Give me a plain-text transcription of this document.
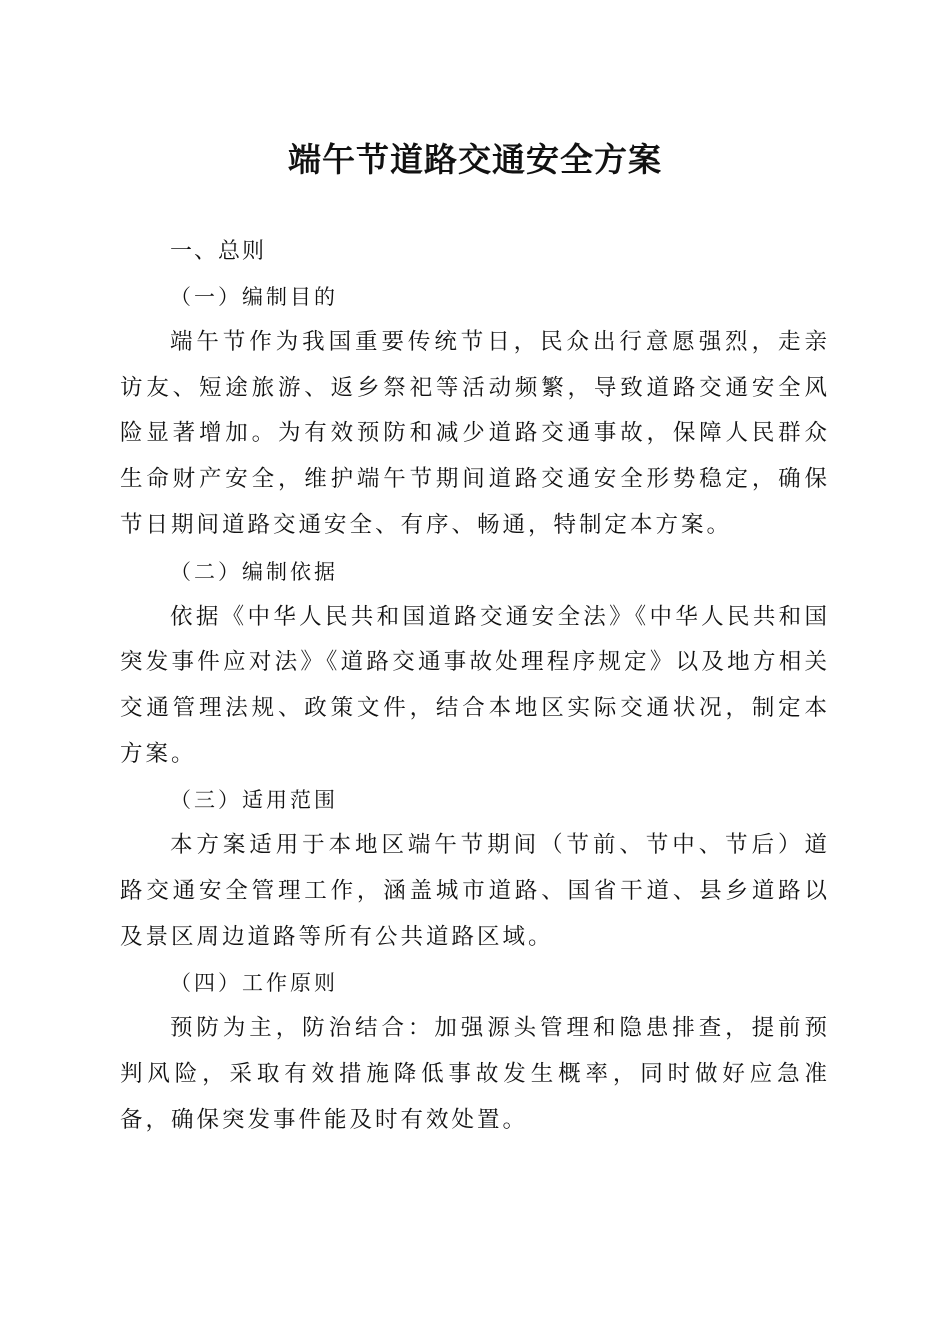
端午节道路交通安全方案
一、总则
（一）编制目的

端午节作为我国重要传统节日，民众出行意愿强烈，走亲访友、短途旅游、返乡祭祀等活动频繁，导致道路交通安全风险显著增加。为有效预防和减少道路交通事故，保障人民群众生命财产安全，维护端午节期间道路交通安全形势稳定，确保节日期间道路交通安全、有序、畅通，特制定本方案。

（二）编制依据

依据《中华人民共和国道路交通安全法》《中华人民共和国突发事件应对法》《道路交通事故处理程序规定》以及地方相关交通管理法规、政策文件，结合本地区实际交通状况，制定本方案。

（三）适用范围

本方案适用于本地区端午节期间（节前、节中、节后）道路交通安全管理工作，涵盖城市道路、国省干道、县乡道路以及景区周边道路等所有公共道路区域。

（四）工作原则

预防为主，防治结合：加强源头管理和隐患排查，提前预判风险，采取有效措施降低事故发生概率，同时做好应急准备，确保突发事件能及时有效处置。
